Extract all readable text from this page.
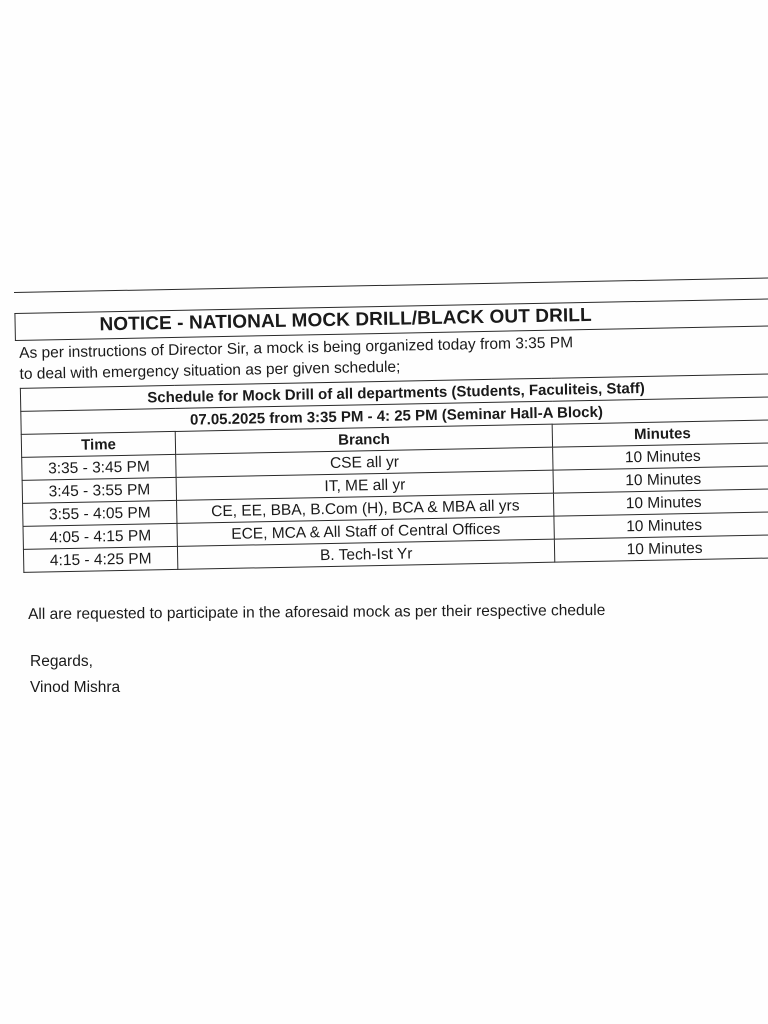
NOTICE - NATIONAL MOCK DRILL/BLACK OUT DRILL
As per instructions of Director Sir, a mock is being organized today from 3:35 PM
to deal with emergency situation as per given schedule;
Schedule for Mock Drill of all departments (Students, Faculiteis, Staff)		
07.05.2025 from 3:35 PM - 4: 25 PM (Seminar Hall-A Block)		
Time	Branch	Minutes
3:35 - 3:45 PM	CSE all yr	10 Minutes
3:45 - 3:55 PM	IT, ME all yr	10 Minutes
3:55 - 4:05 PM	CE, EE, BBA, B.Com (H), BCA & MBA all yrs	10 Minutes
4:05 - 4:15 PM	ECE, MCA & All Staff of Central Offices	10 Minutes
4:15 - 4:25 PM	B. Tech-Ist Yr	10 Minutes
All are requested to participate in the aforesaid mock as per their respective chedule
Regards,
Vinod Mishra
